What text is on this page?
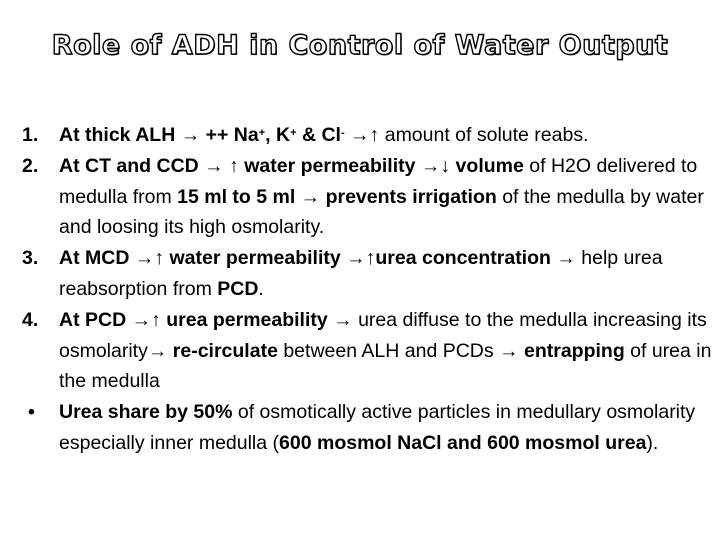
Role of ADH in Control of Water Output
1. At thick ALH → ++ Na+, K+ & Cl- →↑ amount of solute reabs.
2. At CT and CCD → ↑ water permeability →↓ volume of H2O delivered to medulla from 15 ml to 5 ml → prevents irrigation of the medulla by water and loosing its high osmolarity.
3. At MCD →↑ water permeability →↑urea concentration → help urea reabsorption from PCD.
4. At PCD →↑ urea permeability → urea diffuse to the medulla increasing its osmolarity→ re-circulate between ALH and PCDs → entrapping of urea in the medulla
• Urea share by 50% of osmotically active particles in medullary osmolarity especially inner medulla (600 mosmol NaCl and 600 mosmol urea).
